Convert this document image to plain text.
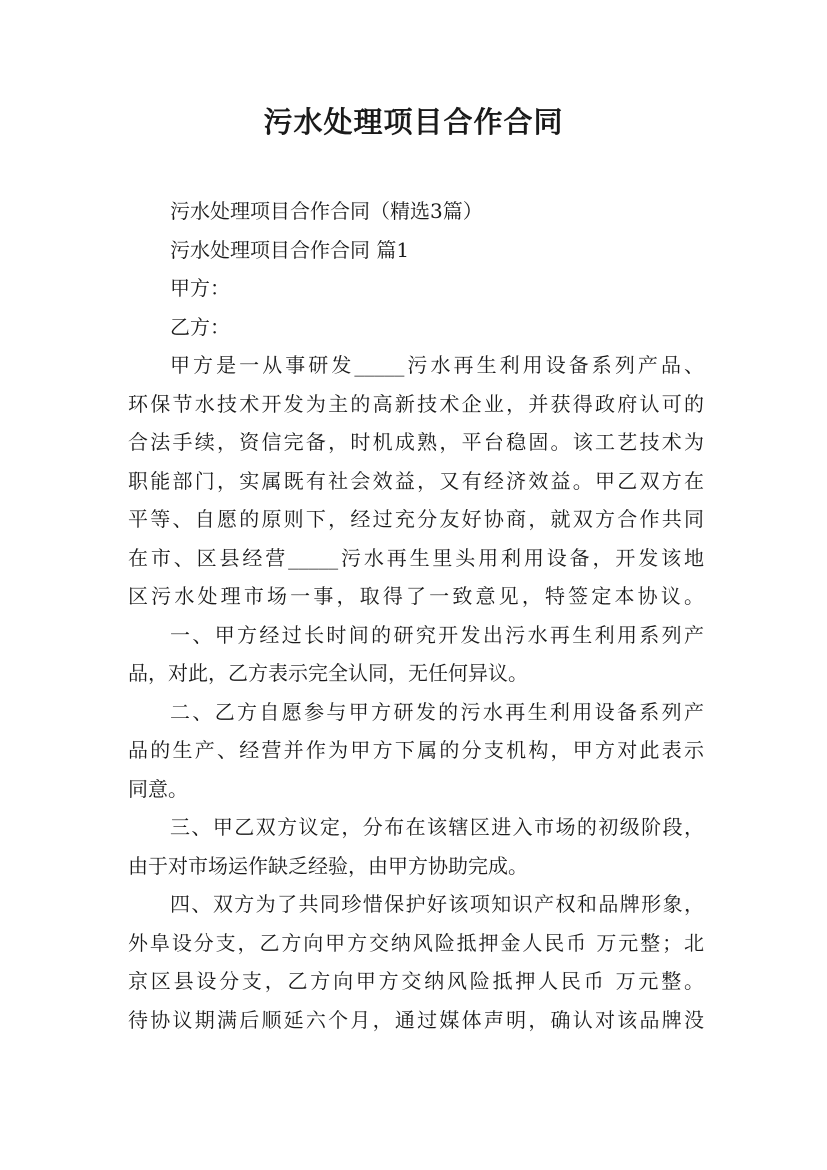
污水处理项目合作合同

污水处理项目合作合同（精选3篇）

污水处理项目合作合同 篇1

甲方：

乙方：

甲方是一从事研发_____污水再生利用设备系列产品、

环保节水技术开发为主的高新技术企业，并获得政府认可的

合法手续，资信完备，时机成熟，平台稳固。该工艺技术为

职能部门，实属既有社会效益，又有经济效益。甲乙双方在

平等、自愿的原则下，经过充分友好协商，就双方合作共同

在市、区县经营_____污水再生里头用利用设备，开发该地

区污水处理市场一事，取得了一致意见，特签定本协议。

一、甲方经过长时间的研究开发出污水再生利用系列产

品，对此，乙方表示完全认同，无任何异议。

二、乙方自愿参与甲方研发的污水再生利用设备系列产

品的生产、经营并作为甲方下属的分支机构，甲方对此表示

同意。

三、甲乙双方议定，分布在该辖区进入市场的初级阶段，

由于对市场运作缺乏经验，由甲方协助完成。

四、双方为了共同珍惜保护好该项知识产权和品牌形象，

外阜设分支，乙方向甲方交纳风险抵押金人民币 万元整；北

京区县设分支，乙方向甲方交纳风险抵押人民币 万元整。

待协议期满后顺延六个月，通过媒体声明，确认对该品牌没
